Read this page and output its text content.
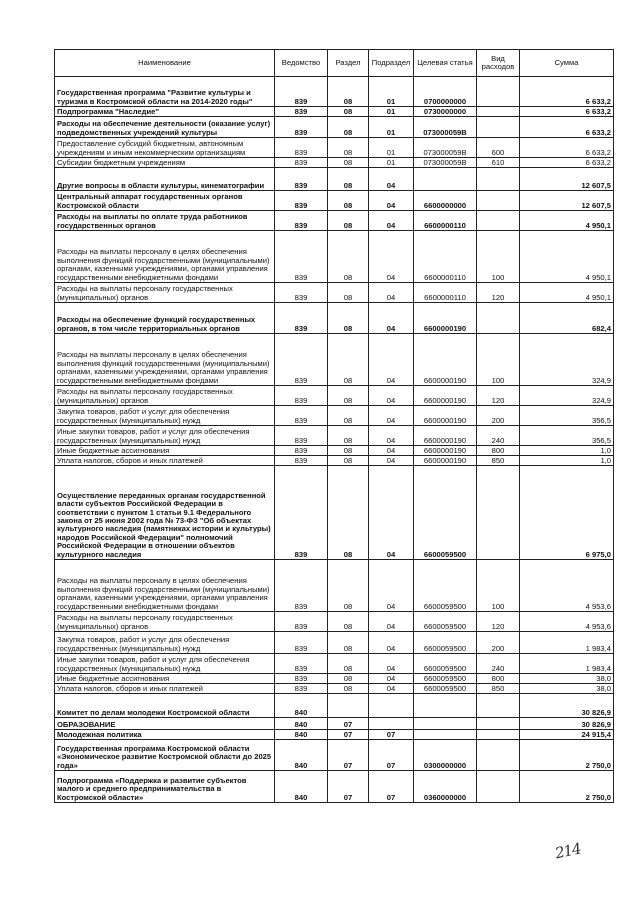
Наименование	Ведомство	Раздел	Подраздел	Целевая статья	Вид расходов	Сумма
Государственная программа "Развитие культуры и туризма в Костромской области на 2014-2020 годы"	839	08	01	0700000000		6 633,2
Подпрограмма "Наследие"	839	08	01	0730000000		6 633,2
Расходы на обеспечение деятельности (оказание услуг) подведомственных учреждений культуры	839	08	01	073000059В		6 633,2
Предоставление субсидий бюджетным, автономным учреждениям и иным некоммерческим организациям	839	08	01	073000059В	600	6 633,2
Субсидии бюджетным учреждениям	839	08	01	073000059В	610	6 633,2
Другие вопросы в области культуры, кинематографии	839	08	04			12 607,5
Центральный аппарат государственных органов Костромской области	839	08	04	6600000000		12 607,5
Расходы на выплаты по оплате труда работников государственных органов	839	08	04	6600000110		4 950,1
Расходы на выплаты персоналу в целях обеспечения выполнения функций государственными (муниципальными) органами, казенными учреждениями, органами управления государственными внебюджетными фондами	839	08	04	6600000110	100	4 950,1
Расходы на выплаты персоналу государственных (муниципальных) органов	839	08	04	6600000110	120	4 950,1
Расходы на обеспечение функций государственных органов, в том числе территориальных органов	839	08	04	6600000190		682,4
Расходы на выплаты персоналу в целях обеспечения выполнения функций государственными (муниципальными) органами, казенными учреждениями, органами управления государственными внебюджетными фондами	839	08	04	6600000190	100	324,9
Расходы на выплаты персоналу государственных (муниципальных) органов	839	08	04	6600000190	120	324,9
Закупка товаров, работ и услуг для обеспечения государственных (муниципальных) нужд	839	08	04	6600000190	200	356,5
Иные закупки товаров, работ и услуг для обеспечения государственных (муниципальных) нужд	839	08	04	6600000190	240	356,5
Иные бюджетные ассигнования	839	08	04	6600000190	800	1,0
Уплата налогов, сборов и иных платежей	839	08	04	6600000190	850	1,0
Осуществление переданных органам государственной власти субъектов Российской Федерации в соответствии с пунктом 1 статьи 9.1 Федерального закона от 25 июня 2002 года № 73-ФЗ "Об объектах культурного наследия (памятниках истории и культуры) народов Российской Федерации" полномочий Российской Федерации в отношении объектов культурного наследия	839	08	04	6600059500		6 975,0
Расходы на выплаты персоналу в целях обеспечения выполнения функций государственными (муниципальными) органами, казенными учреждениями, органами управления государственными внебюджетными фондами	839	08	04	6600059500	100	4 953,6
Расходы на выплаты персоналу государственных (муниципальных) органов	839	08	04	6600059500	120	4 953,6
Закупка товаров, работ и услуг для обеспечения государственных (муниципальных) нужд	839	08	04	6600059500	200	1 983,4
Иные закупки товаров, работ и услуг для обеспечения государственных (муниципальных) нужд	839	08	04	6600059500	240	1 983,4
Иные бюджетные ассигнования	839	08	04	6600059500	800	38,0
Уплата налогов, сборов и иных платежей	839	08	04	6600059500	850	38,0
Комитет по делам молодежи Костромской области	840					30 826,9
ОБРАЗОВАНИЕ	840	07				30 826,9
Молодежная политика	840	07	07			24 915,4
Государственная программа Костромской области «Экономическое развитие Костромской области до 2025 года»	840	07	07	0300000000		2 750,0
Подпрограмма «Поддержка и развитие субъектов малого и среднего предпринимательства в Костромской области»	840	07	07	0360000000		2 750,0
214
